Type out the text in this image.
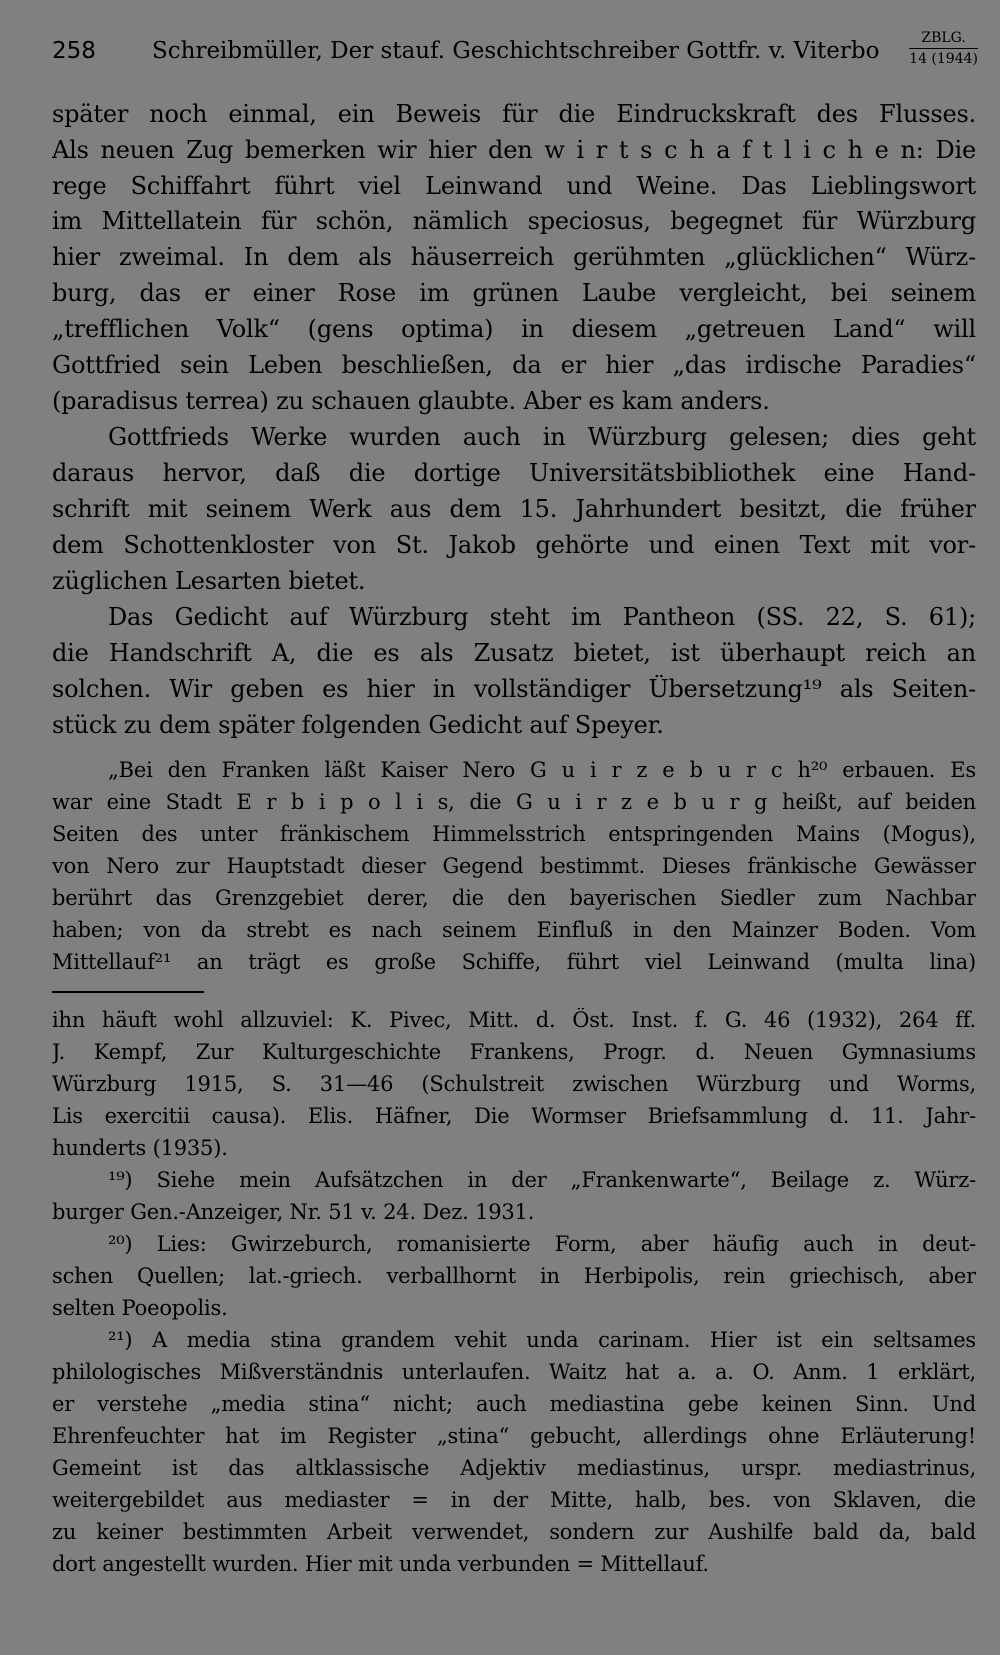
258 Schreibmüller, Der stauf. Geschichtschreiber Gottfr. v. Viterbo	ZBLG.
14 (1944)
später noch einmal, ein Beweis für die Eindruckskraft des Flusses.
Als neuen Zug bemerken wir hier den w i r t s c h a f t l i c h e n: Die
rege Schiffahrt führt viel Leinwand und Weine. Das Lieblingswort
im Mittellatein für schön, nämlich speciosus, begegnet für Würzburg
hier zweimal. In dem als häuserreich gerühmten „glücklichen“ Würz-
burg, das er einer Rose im grünen Laube vergleicht, bei seinem
„trefflichen Volk“ (gens optima) in diesem „getreuen Land“ will
Gottfried sein Leben beschließen, da er hier „das irdische Paradies“
(paradisus terrea) zu schauen glaubte. Aber es kam anders.
Gottfrieds Werke wurden auch in Würzburg gelesen; dies geht
daraus hervor, daß die dortige Universitätsbibliothek eine Hand-
schrift mit seinem Werk aus dem 15. Jahrhundert besitzt, die früher
dem Schottenkloster von St. Jakob gehörte und einen Text mit vor-
züglichen Lesarten bietet.
Das Gedicht auf Würzburg steht im Pantheon (SS. 22, S. 61);
die Handschrift A, die es als Zusatz bietet, ist überhaupt reich an
solchen. Wir geben es hier in vollständiger Übersetzung¹⁹ als Seiten-
stück zu dem später folgenden Gedicht auf Speyer.
„Bei den Franken läßt Kaiser Nero G u i r z e b u r c h²⁰ erbauen. Es
war eine Stadt E r b i p o l i s, die G u i r z e b u r g heißt, auf beiden
Seiten des unter fränkischem Himmelsstrich entspringenden Mains (Mogus),
von Nero zur Hauptstadt dieser Gegend bestimmt. Dieses fränkische Gewässer
berührt das Grenzgebiet derer, die den bayerischen Siedler zum Nachbar
haben; von da strebt es nach seinem Einfluß in den Mainzer Boden. Vom
Mittellauf²¹ an trägt es große Schiffe, führt viel Leinwand (multa lina)
ihn häuft wohl allzuviel: K. Pivec, Mitt. d. Öst. Inst. f. G. 46 (1932), 264 ff.
J. Kempf, Zur Kulturgeschichte Frankens, Progr. d. Neuen Gymnasiums
Würzburg 1915, S. 31—46 (Schulstreit zwischen Würzburg und Worms,
Lis exercitii causa). Elis. Häfner, Die Wormser Briefsammlung d. 11. Jahr-
hunderts (1935).
¹⁹) Siehe mein Aufsätzchen in der „Frankenwarte“, Beilage z. Würz-
burger Gen.-Anzeiger, Nr. 51 v. 24. Dez. 1931.
²⁰) Lies: Gwirzeburch, romanisierte Form, aber häufig auch in deut-
schen Quellen; lat.-griech. verballhornt in Herbipolis, rein griechisch, aber
selten Poeopolis.
²¹) A media stina grandem vehit unda carinam. Hier ist ein seltsames
philologisches Mißverständnis unterlaufen. Waitz hat a. a. O. Anm. 1 erklärt,
er verstehe „media stina“ nicht; auch mediastina gebe keinen Sinn. Und
Ehrenfeuchter hat im Register „stina“ gebucht, allerdings ohne Erläuterung!
Gemeint ist das altklassische Adjektiv mediastinus, urspr. mediastrinus,
weitergebildet aus mediaster = in der Mitte, halb, bes. von Sklaven, die
zu keiner bestimmten Arbeit verwendet, sondern zur Aushilfe bald da, bald
dort angestellt wurden. Hier mit unda verbunden = Mittellauf.
